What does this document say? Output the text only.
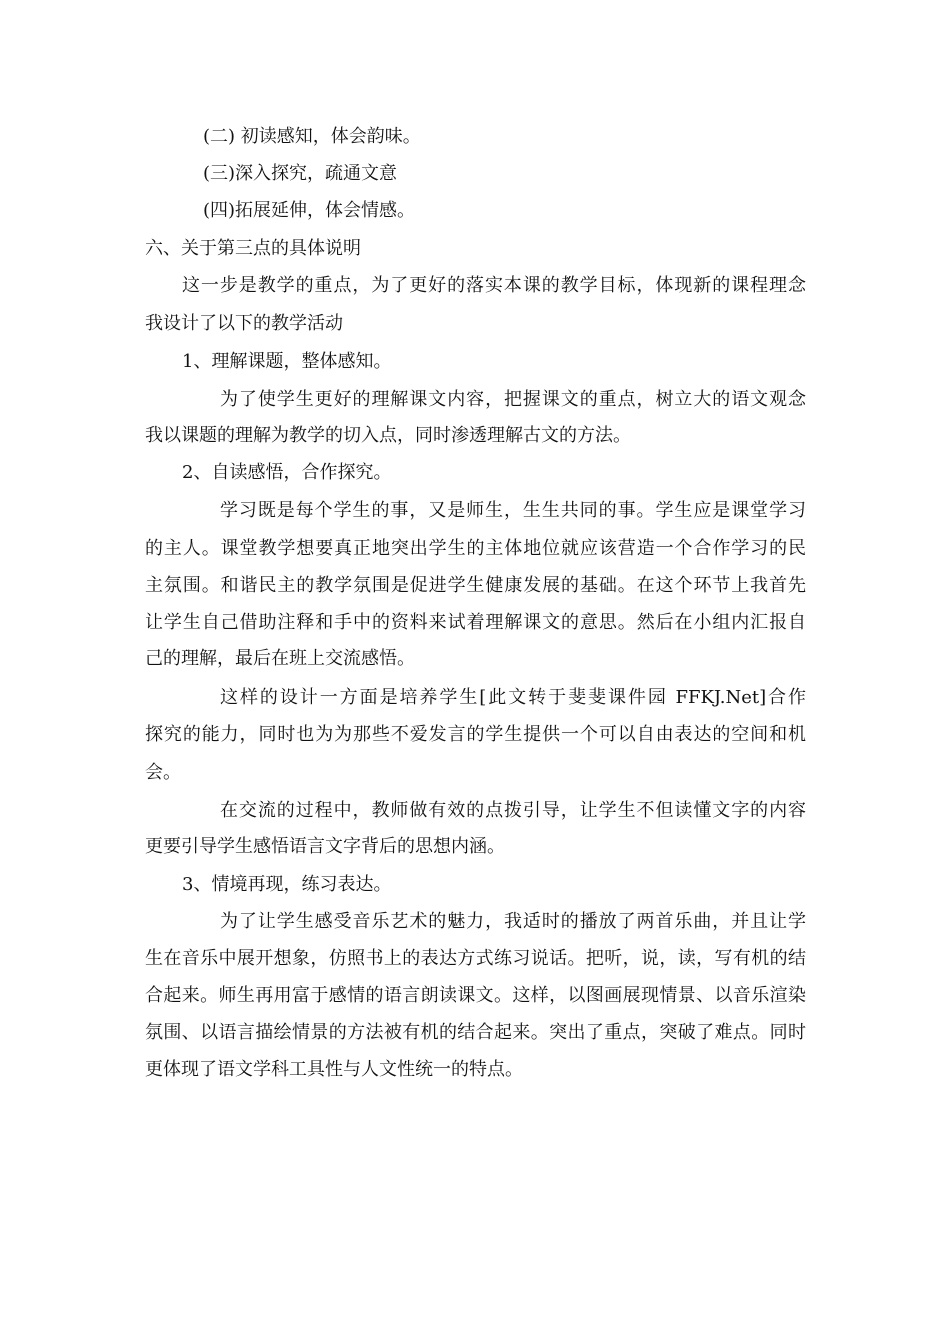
(二) 初读感知，体会韵味。
(三)深入探究，疏通文意
(四)拓展延伸，体会情感。
六、关于第三点的具体说明
这一步是教学的重点，为了更好的落实本课的教学目标，体现新的课程理念
我设计了以下的教学活动
1、理解课题，整体感知。
为了使学生更好的理解课文内容，把握课文的重点，树立大的语文观念
我以课题的理解为教学的切入点，同时渗透理解古文的方法。
2、自读感悟，合作探究。
学习既是每个学生的事，又是师生，生生共同的事。学生应是课堂学习
的主人。课堂教学想要真正地突出学生的主体地位就应该营造一个合作学习的民
主氛围。和谐民主的教学氛围是促进学生健康发展的基础。在这个环节上我首先
让学生自己借助注释和手中的资料来试着理解课文的意思。然后在小组内汇报自
己的理解，最后在班上交流感悟。
这样的设计一方面是培养学生[此文转于斐斐课件园 FFKJ.Net]合作
探究的能力，同时也为为那些不爱发言的学生提供一个可以自由表达的空间和机
会。
在交流的过程中，教师做有效的点拨引导，让学生不但读懂文字的内容
更要引导学生感悟语言文字背后的思想内涵。
3、情境再现，练习表达。
为了让学生感受音乐艺术的魅力，我适时的播放了两首乐曲，并且让学
生在音乐中展开想象，仿照书上的表达方式练习说话。把听，说，读，写有机的结
合起来。师生再用富于感情的语言朗读课文。这样，以图画展现情景、以音乐渲染
氛围、以语言描绘情景的方法被有机的结合起来。突出了重点，突破了难点。同时
更体现了语文学科工具性与人文性统一的特点。
